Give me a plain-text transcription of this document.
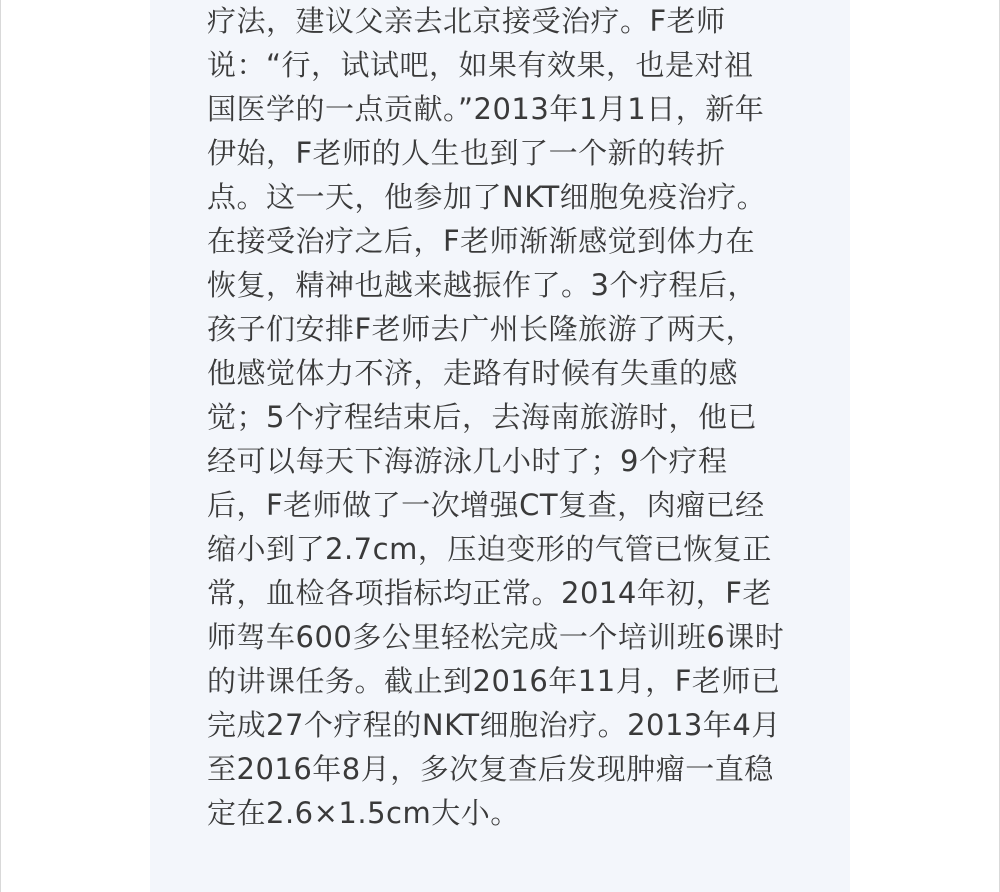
疗法，建议父亲去北京接受治疗。F老师
说：“行，试试吧，如果有效果，也是对祖
国医学的一点贡献。”2013年1月1日，新年
伊始，F老师的人生也到了一个新的转折
点。这一天，他参加了NKT细胞免疫治疗。
在接受治疗之后，F老师渐渐感觉到体力在
恢复，精神也越来越振作了。3个疗程后，
孩子们安排F老师去广州长隆旅游了两天，
他感觉体力不济，走路有时候有失重的感
觉；5个疗程结束后，去海南旅游时，他已
经可以每天下海游泳几小时了；9个疗程
后，F老师做了一次增强CT复查，肉瘤已经
缩小到了2.7cm，压迫变形的气管已恢复正
常，血检各项指标均正常。2014年初，F老
师驾车600多公里轻松完成一个培训班6课时
的讲课任务。截止到2016年11月，F老师已
完成27个疗程的NKT细胞治疗。2013年4月
至2016年8月，多次复查后发现肿瘤一直稳
定在2.6×1.5cm大小。
